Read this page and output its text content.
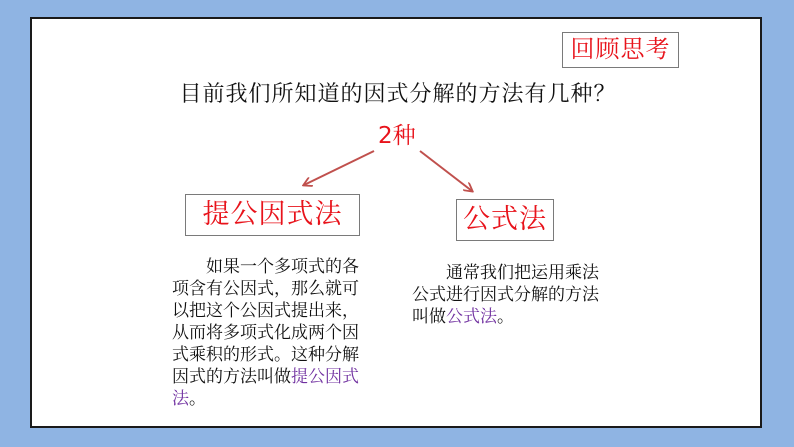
回顾思考
目前我们所知道的因式分解的方法有几种？
2种
提公因式法	公式法

　　如果一个多项式的各项含有公因式，那么就可以把这个公因式提出来，从而将多项式化成两个因式乘积的形式。这种分解因式的方法叫做提公因式法。

　　通常我们把运用乘法公式进行因式分解的方法叫做公式法。
